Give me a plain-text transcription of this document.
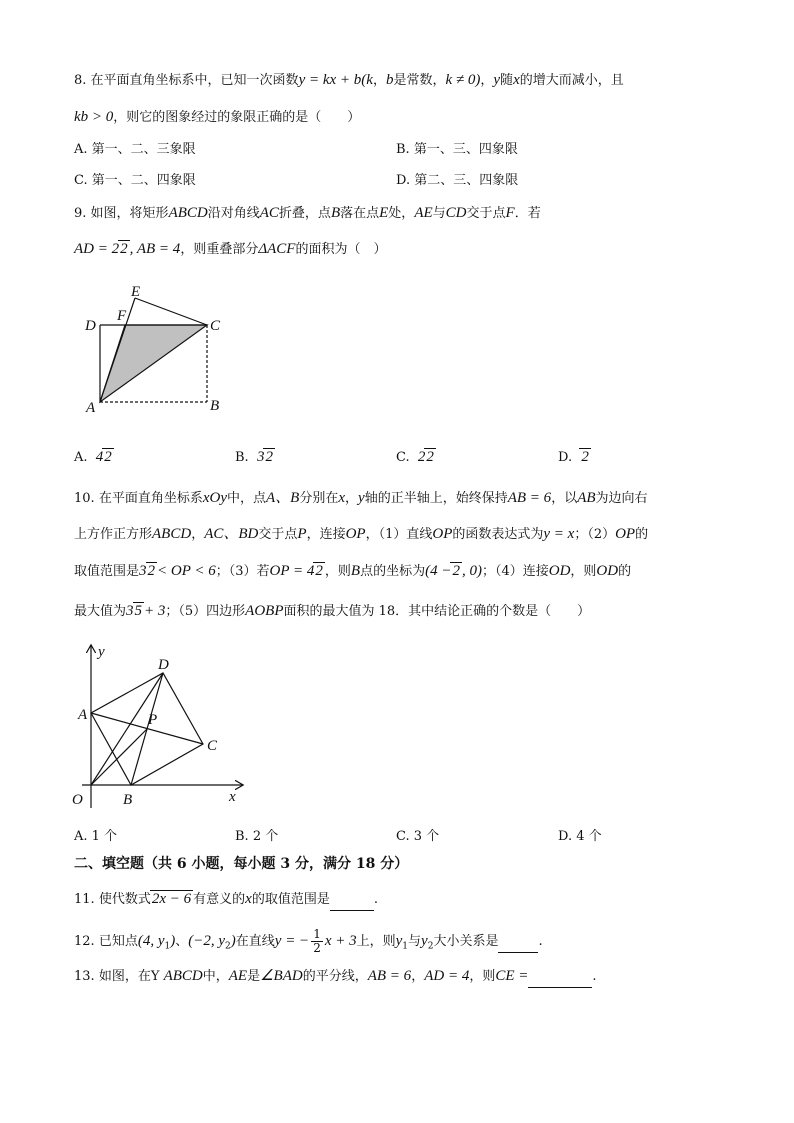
8. 在平面直角坐标系中，已知一次函数y = kx + b(k，b是常数，k ≠ 0)，y随x的增大而减小，且
kb > 0，则它的图象经过的象限正确的是（　　）
A. 第一、二、三象限	B. 第一、三、四象限
C. 第一、二、四象限	D. 第二、三、四象限
9. 如图，将矩形ABCD沿对角线AC折叠，点B落在点E处，AE与CD交于点F．若
AD = 22 , AB = 4，则重叠部分ΔACF的面积为（　）
E
F
D	C
A	B
A. 42	B. 32	C. 22	D. 2
10. 在平面直角坐标系xOy中，点A、B分别在x，y轴的正半轴上，始终保持AB = 6，以AB为边向右
上方作正方形ABCD，AC、BD交于点P，连接OP，（1）直线OP的函数表达式为y = x；（2）OP的
取值范围是32 < OP < 6；（3）若OP = 42 ，则B点的坐标为(4 −2 , 0)；（4）连接OD，则OD的
最大值为35 + 3；（5）四边形AOBP面积的最大值为 18．其中结论正确的个数是（　　）
y
D
A	P
C
O	B	x
A. 1 个	B. 2 个	C. 3 个	D. 4 个
二、填空题（共 6 小题，每小题 3 分，满分 18 分）
11. 使代数式2x − 6 有意义的x的取值范围是	.
12. 已知点(4, $y_1$)、(−2, $y_2$)在直线y = − $\frac{1}{2}$ x + 3上，则$y_1$与$y_2$大小关系是	.
13. 如图，在Y ABCD中，AE是∠BAD的平分线，AB = 6，AD = 4，则CE =	.
